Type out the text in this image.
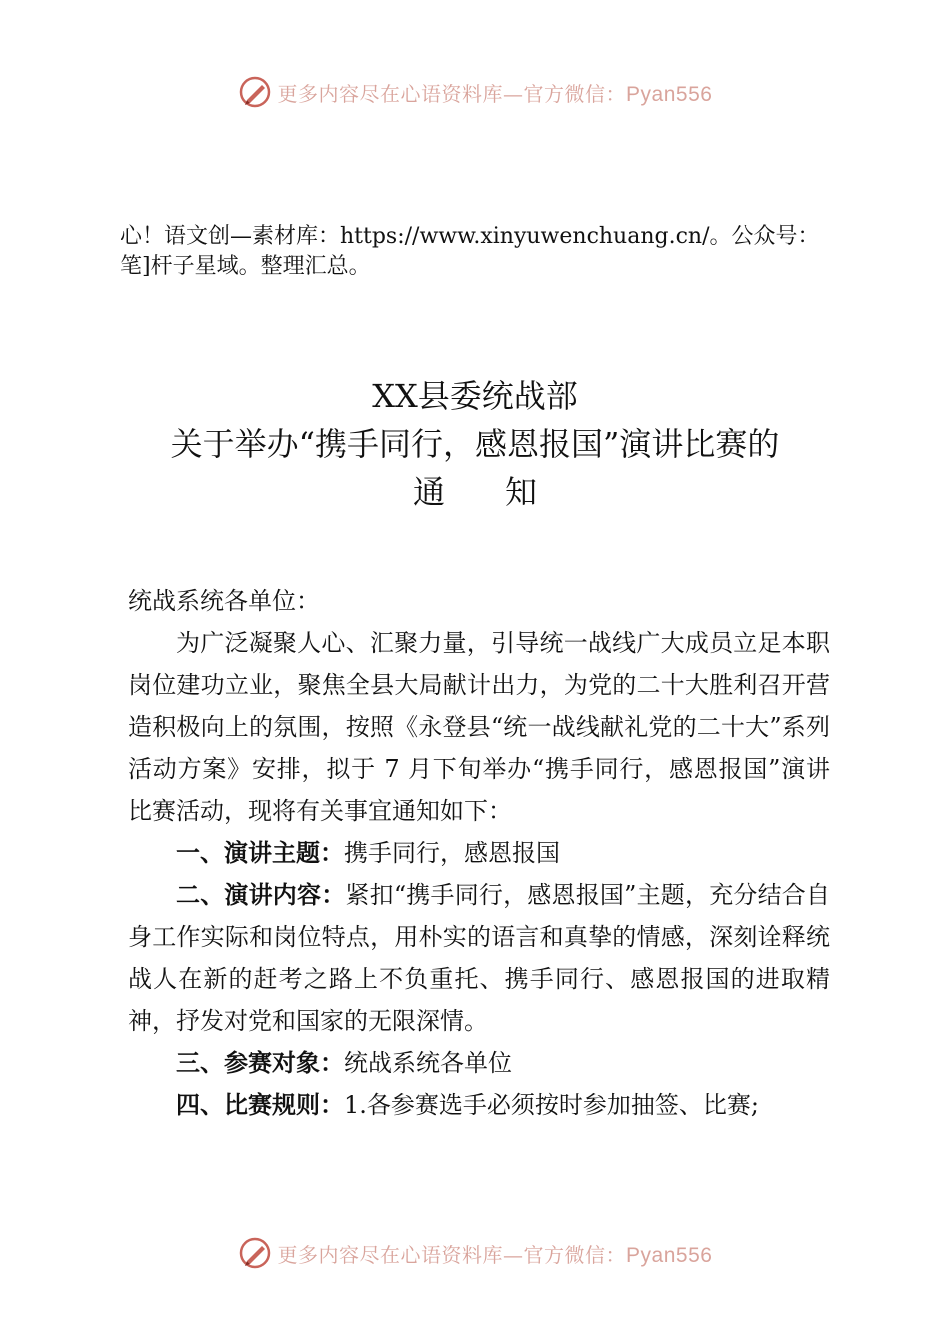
更多内容尽在心语资料库—官方微信：Pyan556
心！语文创—素材库：https://www.xinyuwenchuang.cn/。公众号：笔]杆子星域。整理汇总。
XX县委统战部
关于举办“携手同行，感恩报国”演讲比赛的
通知

统战系统各单位：

为广泛凝聚人心、汇聚力量，引导统一战线广大成员立足本职岗位建功立业，聚焦全县大局献计出力，为党的二十大胜利召开营造积极向上的氛围，按照《永登县“统一战线献礼党的二十大”系列活动方案》安排，拟于 7 月下旬举办“携手同行，感恩报国”演讲比赛活动，现将有关事宜通知如下：

一、演讲主题：携手同行，感恩报国

二、演讲内容：紧扣“携手同行，感恩报国”主题，充分结合自身工作实际和岗位特点，用朴实的语言和真挚的情感，深刻诠释统战人在新的赶考之路上不负重托、携手同行、感恩报国的进取精神，抒发对党和国家的无限深情。

三、参赛对象：统战系统各单位

四、比赛规则：1.各参赛选手必须按时参加抽签、比赛;

更多内容尽在心语资料库—官方微信：Pyan556
